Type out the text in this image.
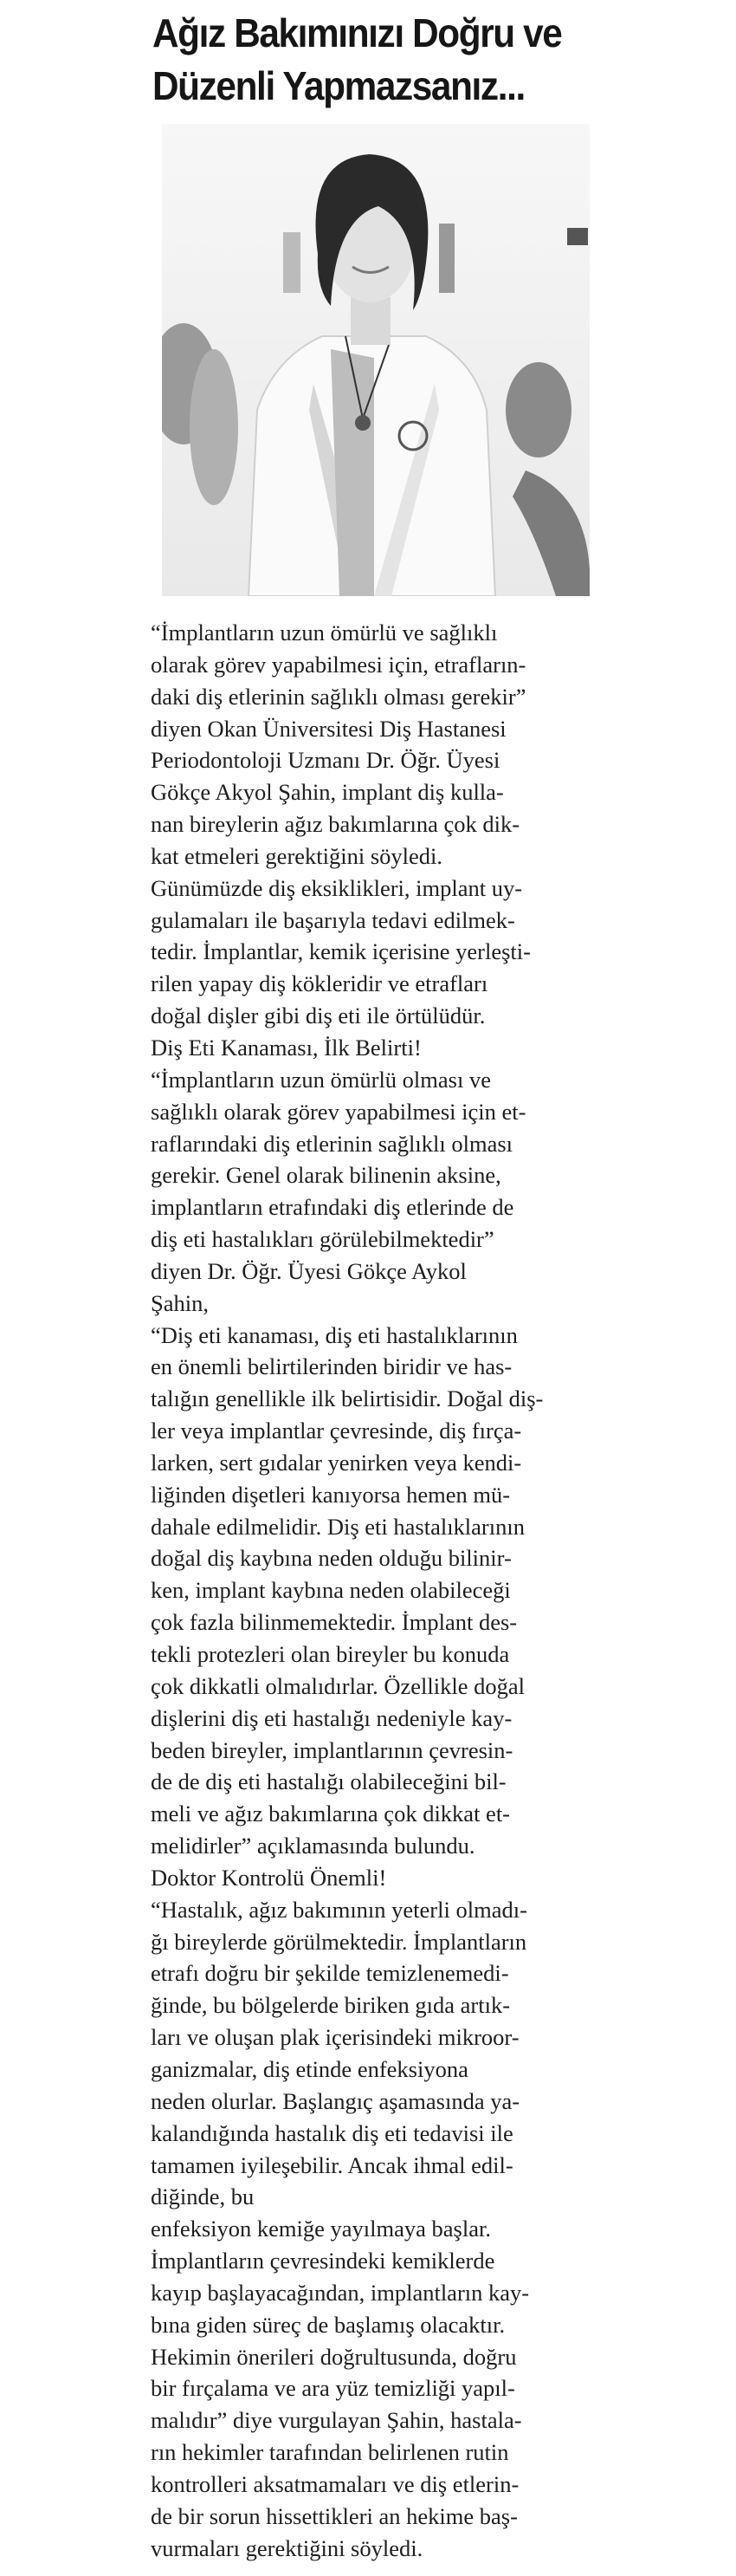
Ağız Bakımınızı Doğru ve
Düzenli Yapmazsanız...
“İmplantların uzun ömürlü ve sağlıklı
olarak görev yapabilmesi için, etrafların-
daki diş etlerinin sağlıklı olması gerekir”
diyen Okan Üniversitesi Diş Hastanesi
Periodontoloji Uzmanı Dr. Öğr. Üyesi
Gökçe Akyol Şahin, implant diş kulla-
nan bireylerin ağız bakımlarına çok dik-
kat etmeleri gerektiğini söyledi.
Günümüzde diş eksiklikleri, implant uy-
gulamaları ile başarıyla tedavi edilmek-
tedir. İmplantlar, kemik içerisine yerleşti-
rilen yapay diş kökleridir ve etrafları
doğal dişler gibi diş eti ile örtülüdür.
Diş Eti Kanaması, İlk Belirti!
“İmplantların uzun ömürlü olması ve
sağlıklı olarak görev yapabilmesi için et-
raflarındaki diş etlerinin sağlıklı olması
gerekir. Genel olarak bilinenin aksine,
implantların etrafındaki diş etlerinde de
diş eti hastalıkları görülebilmektedir”
diyen Dr. Öğr. Üyesi Gökçe Aykol
Şahin,
“Diş eti kanaması, diş eti hastalıklarının
en önemli belirtilerinden biridir ve has-
talığın genellikle ilk belirtisidir. Doğal diş-
ler veya implantlar çevresinde, diş fırça-
larken, sert gıdalar yenirken veya kendi-
liğinden dişetleri kanıyorsa hemen mü-
dahale edilmelidir. Diş eti hastalıklarının
doğal diş kaybına neden olduğu bilinir-
ken, implant kaybına neden olabileceği
çok fazla bilinmemektedir. İmplant des-
tekli protezleri olan bireyler bu konuda
çok dikkatli olmalıdırlar. Özellikle doğal
dişlerini diş eti hastalığı nedeniyle kay-
beden bireyler, implantlarının çevresin-
de de diş eti hastalığı olabileceğini bil-
meli ve ağız bakımlarına çok dikkat et-
melidirler” açıklamasında bulundu.
Doktor Kontrolü Önemli!
“Hastalık, ağız bakımının yeterli olmadı-
ğı bireylerde görülmektedir. İmplantların
etrafı doğru bir şekilde temizlenemedi-
ğinde, bu bölgelerde biriken gıda artık-
ları ve oluşan plak içerisindeki mikroor-
ganizmalar, diş etinde enfeksiyona
neden olurlar. Başlangıç aşamasında ya-
kalandığında hastalık diş eti tedavisi ile
tamamen iyileşebilir. Ancak ihmal edil-
diğinde, bu
enfeksiyon kemiğe yayılmaya başlar.
İmplantların çevresindeki kemiklerde
kayıp başlayacağından, implantların kay-
bına giden süreç de başlamış olacaktır.
Hekimin önerileri doğrultusunda, doğru
bir fırçalama ve ara yüz temizliği yapıl-
malıdır” diye vurgulayan Şahin, hastala-
rın hekimler tarafından belirlenen rutin
kontrolleri aksatmamaları ve diş etlerin-
de bir sorun hissettikleri an hekime baş-
vurmaları gerektiğini söyledi.
